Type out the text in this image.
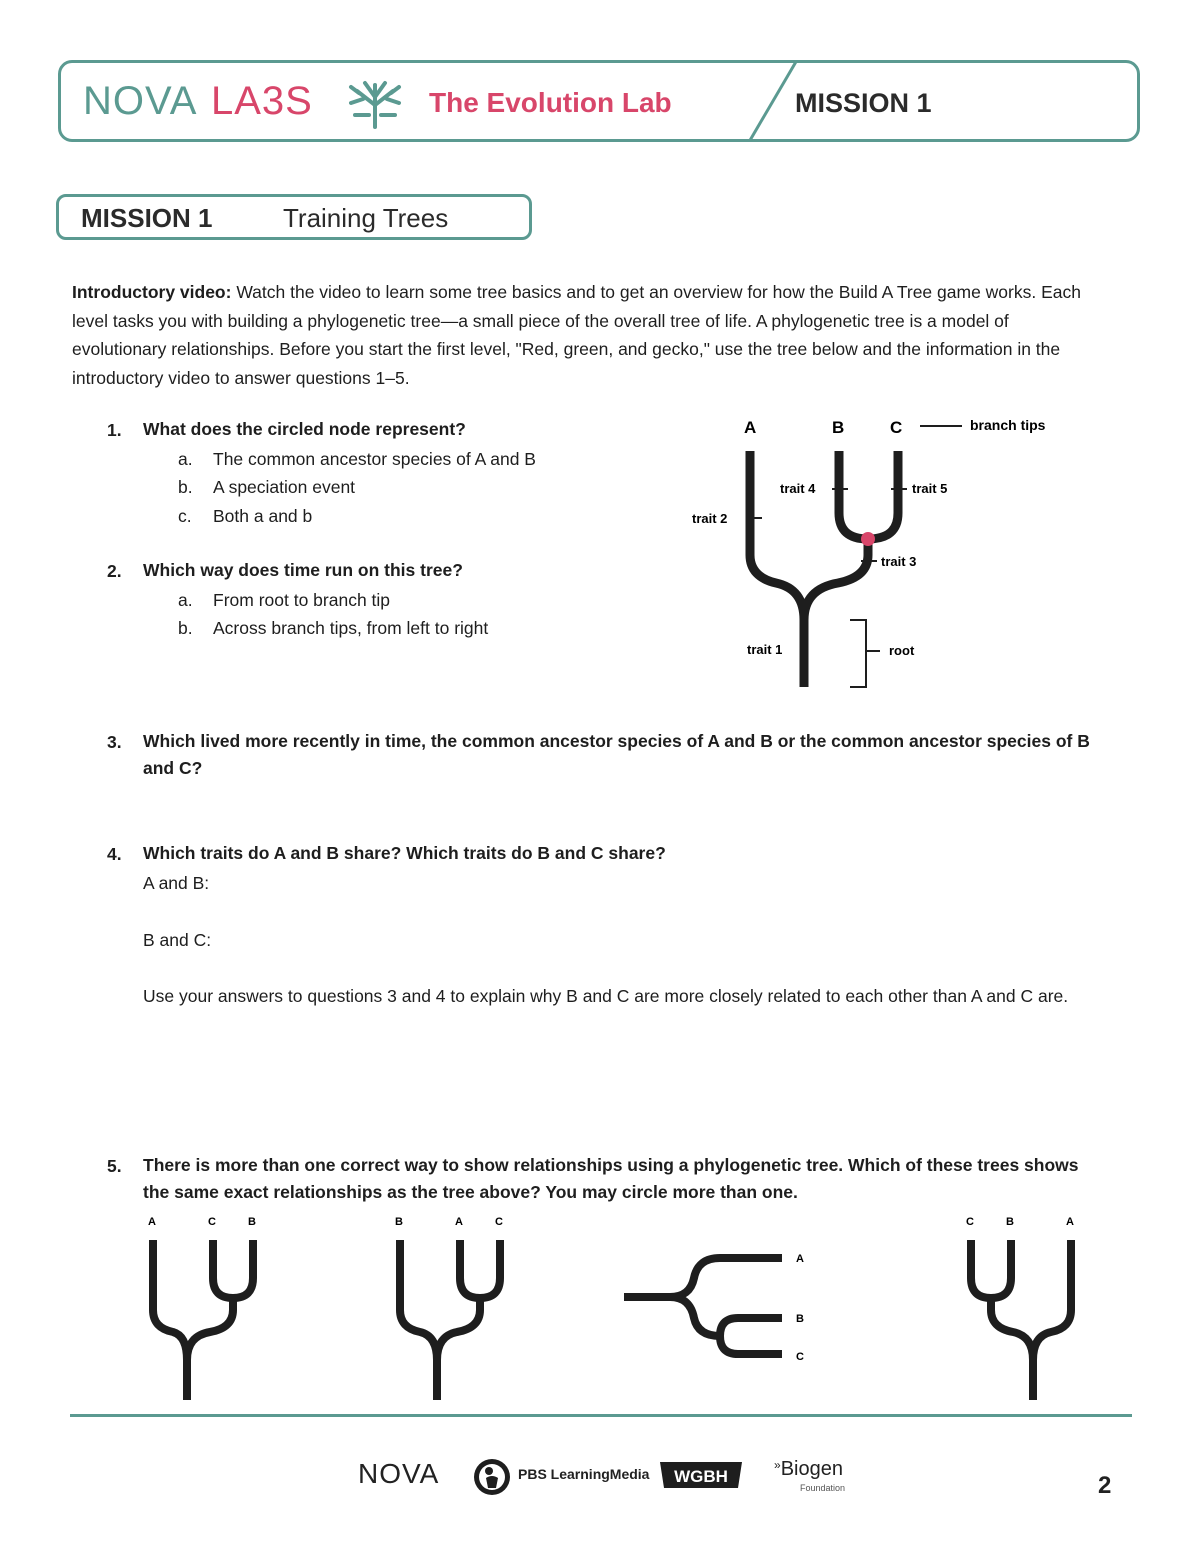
NOVA LA3S	The Evolution Lab	MISSION 1
MISSION 1	Training Trees
Introductory video: Watch the video to learn some tree basics and to get an overview for how the Build A Tree game works. Each level tasks you with building a phylogenetic tree—a small piece of the overall tree of life. A phylogenetic tree is a model of evolutionary relationships. Before you start the first level, "Red, green, and gecko," use the tree below and the information in the introductory video to answer questions 1–5.
1. What does the circled node represent?
a. The common ancestor species of A and B
b. A speciation event
c. Both a and b
2. Which way does time run on this tree?
a. From root to branch tip
b. Across branch tips, from left to right
A	B	C	branch tips
trait 2
trait 4	trait 5
trait 3
trait 1	root
3. Which lived more recently in time, the common ancestor species of A and B or the common ancestor species of B and C?
4. Which traits do A and B share? Which traits do B and C share?
A and B:
B and C:
Use your answers to questions 3 and 4 to explain why B and C are more closely related to each other than A and C are.
5. There is more than one correct way to show relationships using a phylogenetic tree. Which of these trees shows the same exact relationships as the tree above? You may circle more than one.
A	C	B	B	A	C
A
B
C
C	B	A
NOVA	PBS LearningMedia WGBH
»Biogen
Foundation	2
